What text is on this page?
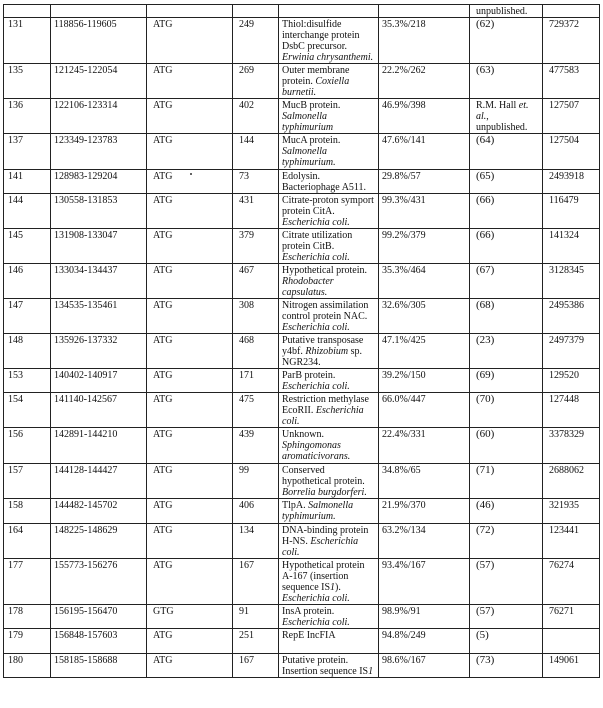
						unpublished.	
131	118856-119605	ATG	249	Thiol:disulfide interchange protein DsbC precursor. Erwinia chrysanthemi.	35.3%/218	(62)	729372
135	121245-122054	ATG	269	Outer membrane protein. Coxiella burnetii.	22.2%/262	(63)	477583
136	122106-123314	ATG	402	MucB protein. Salmonella typhimurium	46.9%/398	R.M. Hall et. al., unpublished.	127507
137	123349-123783	ATG	144	MucA protein. Salmonella typhimurium.	47.6%/141	(64)	127504
141	128983-129204	ATG	73	Edolysin. Bacteriophage A511.	29.8%/57	(65)	2493918
144	130558-131853	ATG	431	Citrate-proton symport protein CitA. Escherichia coli.	99.3%/431	(66)	116479
145	131908-133047	ATG	379	Citrate utilization protein CitB. Escherichia coli.	99.2%/379	(66)	141324
146	133034-134437	ATG	467	Hypothetical protein. Rhodobacter capsulatus.	35.3%/464	(67)	3128345
147	134535-135461	ATG	308	Nitrogen assimilation control protein NAC. Escherichia coli.	32.6%/305	(68)	2495386
148	135926-137332	ATG	468	Putative transposase y4bf. Rhizobium sp. NGR234.	47.1%/425	(23)	2497379
153	140402-140917	ATG	171	ParB protein. Escherichia coli.	39.2%/150	(69)	129520
154	141140-142567	ATG	475	Restriction methylase EcoRII. Escherichia coli.	66.0%/447	(70)	127448
156	142891-144210	ATG	439	Unknown. Sphingomonas aromaticivorans.	22.4%/331	(60)	3378329
157	144128-144427	ATG	99	Conserved hypothetical protein. Borrelia burgdorferi.	34.8%/65	(71)	2688062
158	144482-145702	ATG	406	TlpA. Salmonella typhimurium.	21.9%/370	(46)	321935
164	148225-148629	ATG	134	DNA-binding protein H-NS. Escherichia coli.	63.2%/134	(72)	123441
177	155773-156276	ATG	167	Hypothetical protein A-167 (insertion sequence IS1). Escherichia coli.	93.4%/167	(57)	76274
178	156195-156470	GTG	91	InsA protein. Escherichia coli.	98.9%/91	(57)	76271
179	156848-157603	ATG	251	RepE IncFIA	94.8%/249	(5)	
180	158185-158688	ATG	167	Putative protein. Insertion sequence IS1	98.6%/167	(73)	149061
